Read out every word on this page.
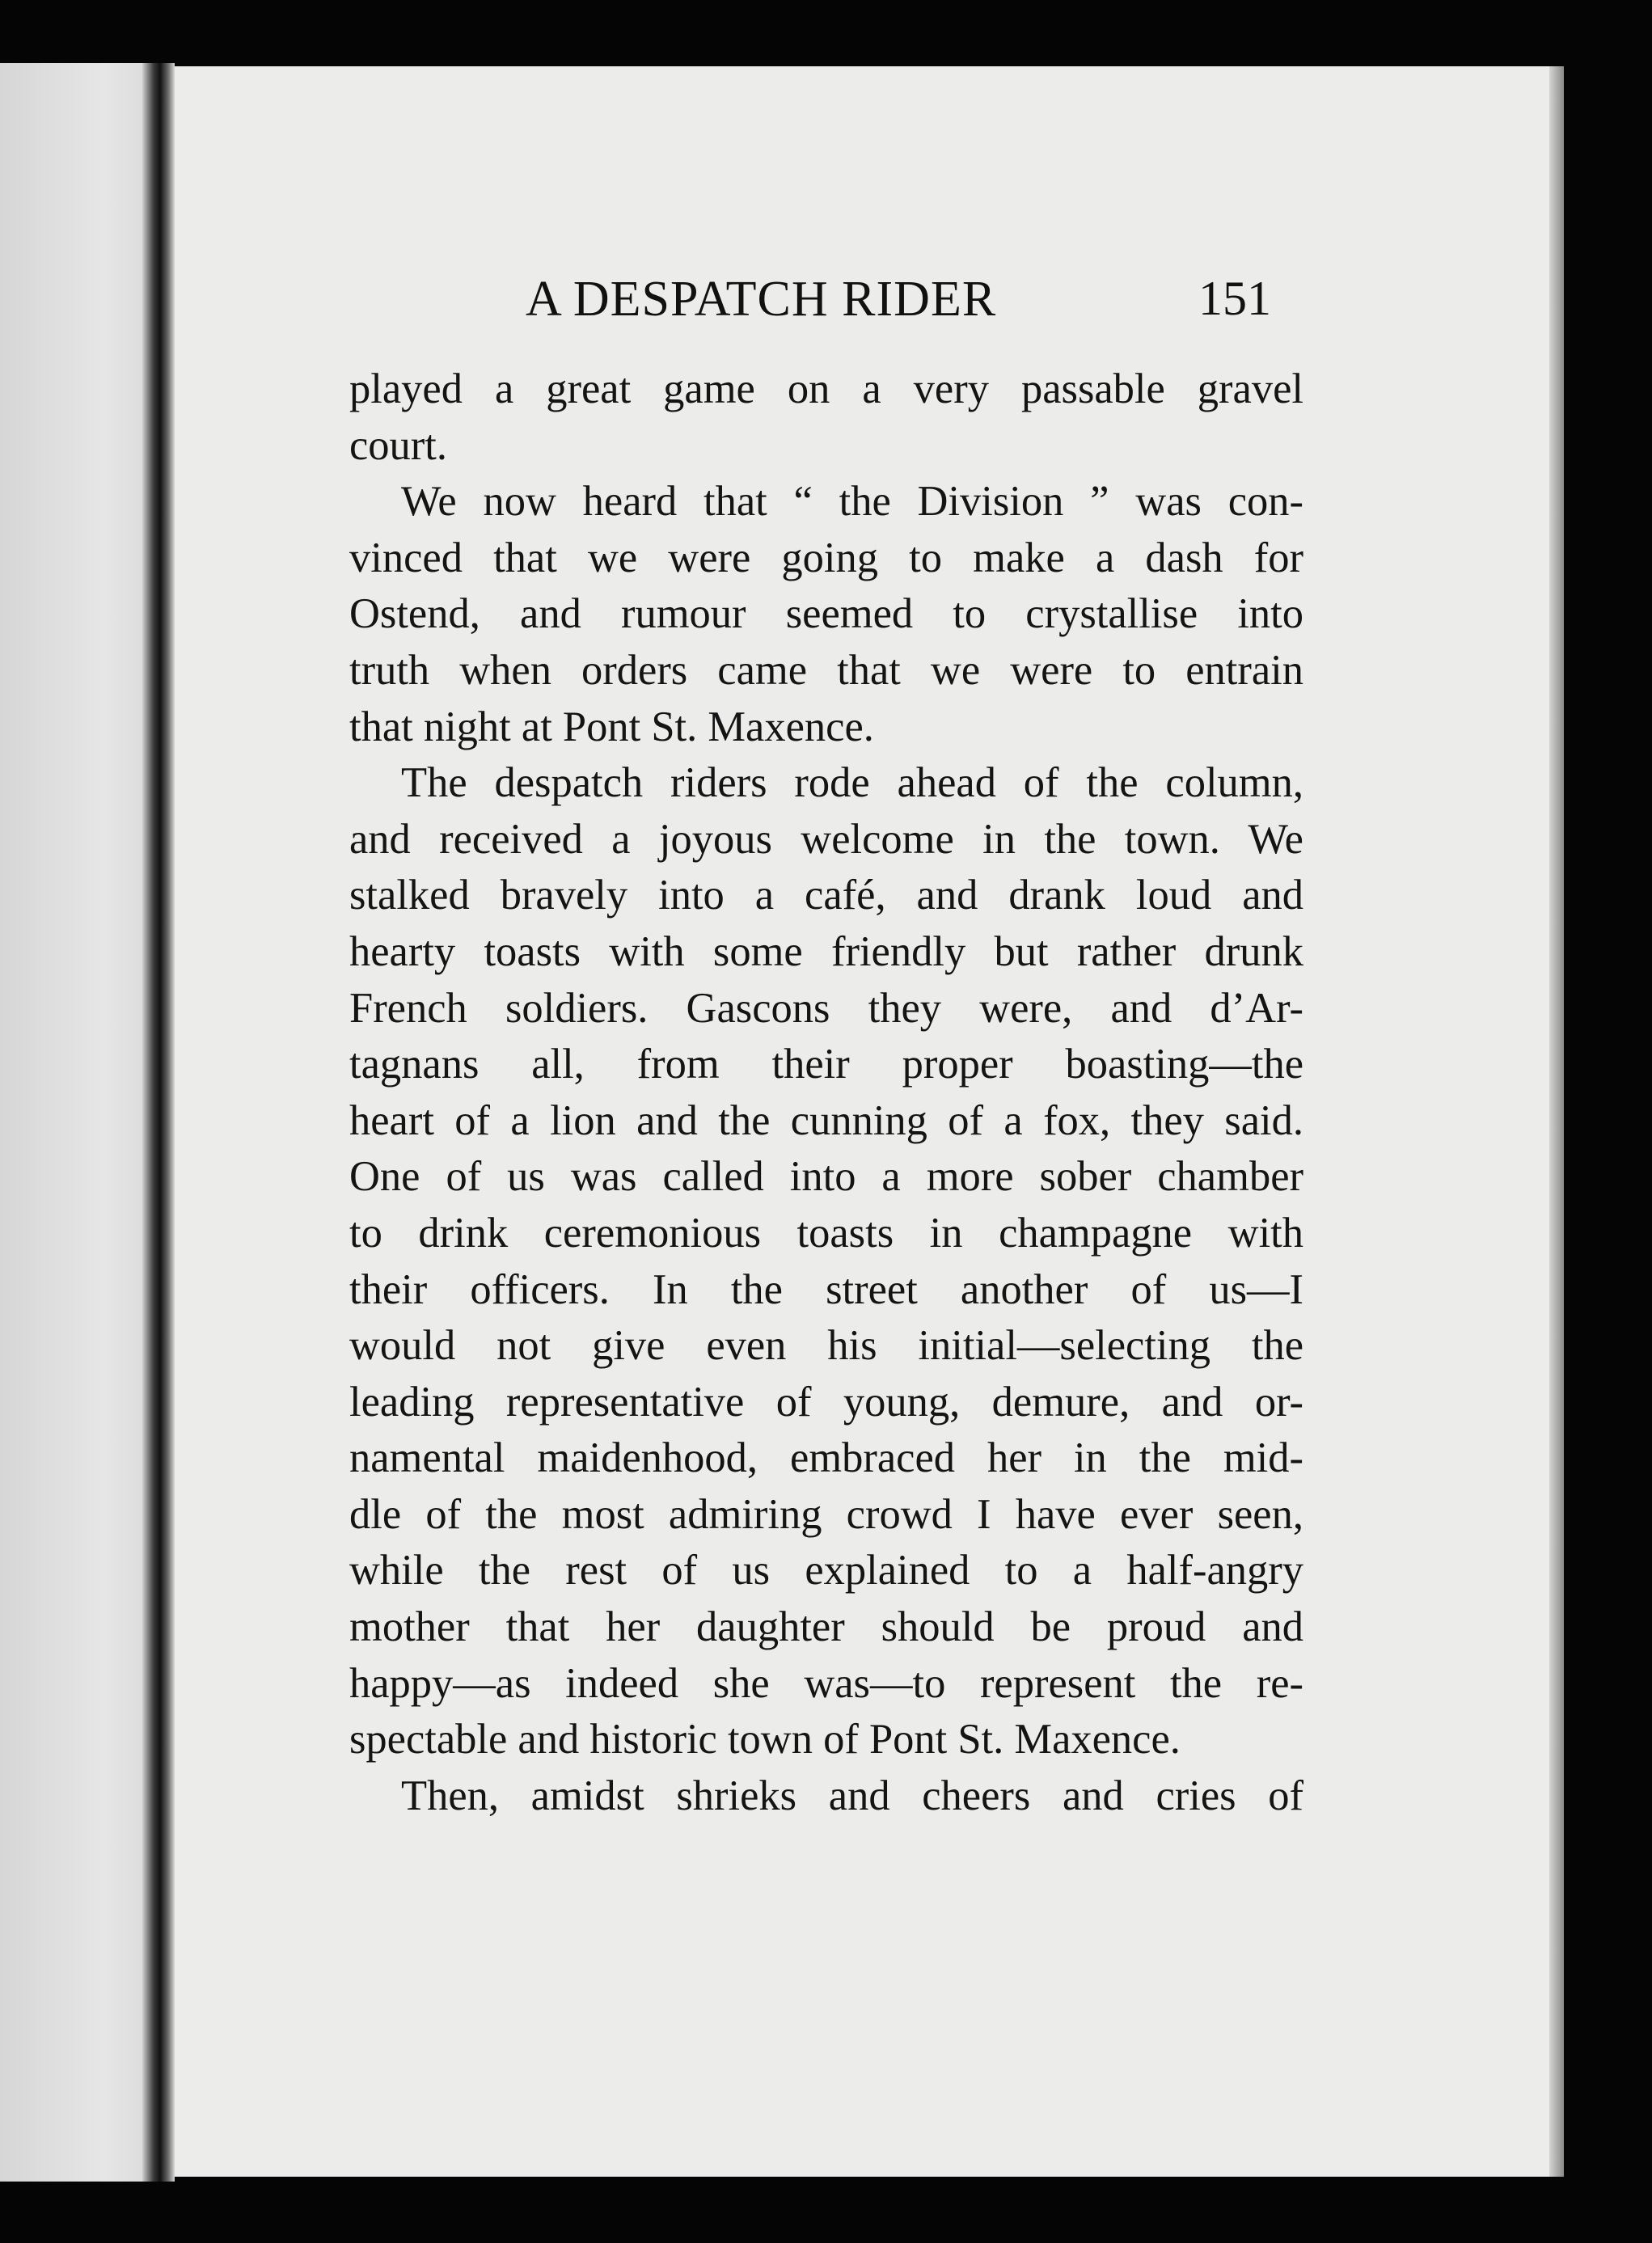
A DESPATCH RIDER	151
played a great game on a very passable gravel
court.
We now heard that “ the Division ” was con-
vinced that we were going to make a dash for
Ostend, and rumour seemed to crystallise into
truth when orders came that we were to entrain
that night at Pont St. Maxence.
The despatch riders rode ahead of the column,
and received a joyous welcome in the town. We
stalked bravely into a café, and drank loud and
hearty toasts with some friendly but rather drunk
French soldiers. Gascons they were, and d’Ar-
tagnans all, from their proper boasting—the
heart of a lion and the cunning of a fox, they said.
One of us was called into a more sober chamber
to drink ceremonious toasts in champagne with
their officers. In the street another of us—I
would not give even his initial—selecting the
leading representative of young, demure, and or-
namental maidenhood, embraced her in the mid-
dle of the most admiring crowd I have ever seen,
while the rest of us explained to a half-angry
mother that her daughter should be proud and
happy—as indeed she was—to represent the re-
spectable and historic town of Pont St. Maxence.
Then, amidst shrieks and cheers and cries of
